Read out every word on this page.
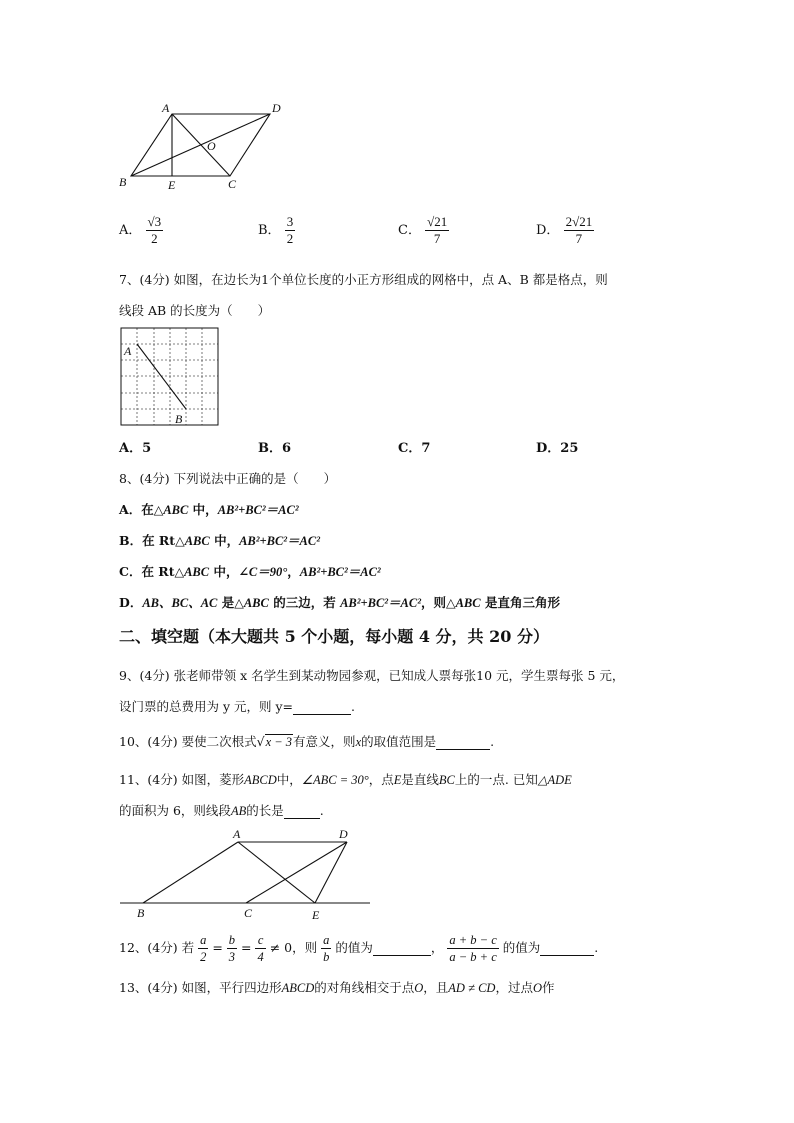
A	D
O
B	E	C
A． $\frac{√3}{2}$	B． $\frac{3}{2}$	C． $\frac{√21}{7}$	D． $\frac{2√21}{7}$
7、(4分) 如图，在边长为1个单位长度的小正方形组成的网格中，点 A、B 都是格点，则
线段 AB 的长度为（　　）
A
B
A．5	B．6	C．7	D．25
8、(4分) 下列说法中正确的是（　　）
A．在△ABC 中，AB²+BC²＝AC²
B．在 Rt△ABC 中，AB²+BC²＝AC²
C．在 Rt△ABC 中，∠C＝90°，AB²+BC²＝AC²
D．AB、BC、AC 是△ABC 的三边，若 AB²+BC²＝AC²，则△ABC 是直角三角形
二、填空题（本大题共 5 个小题，每小题 4 分，共 20 分）
9、(4分) 张老师带领 x 名学生到某动物园参观，已知成人票每张10 元，学生票每张 5 元，
设门票的总费用为 y 元，则 y=	.
10、(4分) 要使二次根式√x − 3有意义，则x的取值范围是	.
11、(4分) 如图，菱形ABCD中，∠ABC = 30°，点E是直线BC上的一点. 已知△ADE
的面积为 6，则线段AB的长是	.
A	D
B	C	E
12、(4分) 若 $\frac{a}{2} = \frac{b}{3} = \frac{c}{4} \ne 0$，则 $\frac{a}{b}$ 的值为	， $\frac{a + b - c}{a - b + c}$ 的值为	.
13、(4分) 如图，平行四边形ABCD的对角线相交于点O，且AD ≠ CD，过点O作
